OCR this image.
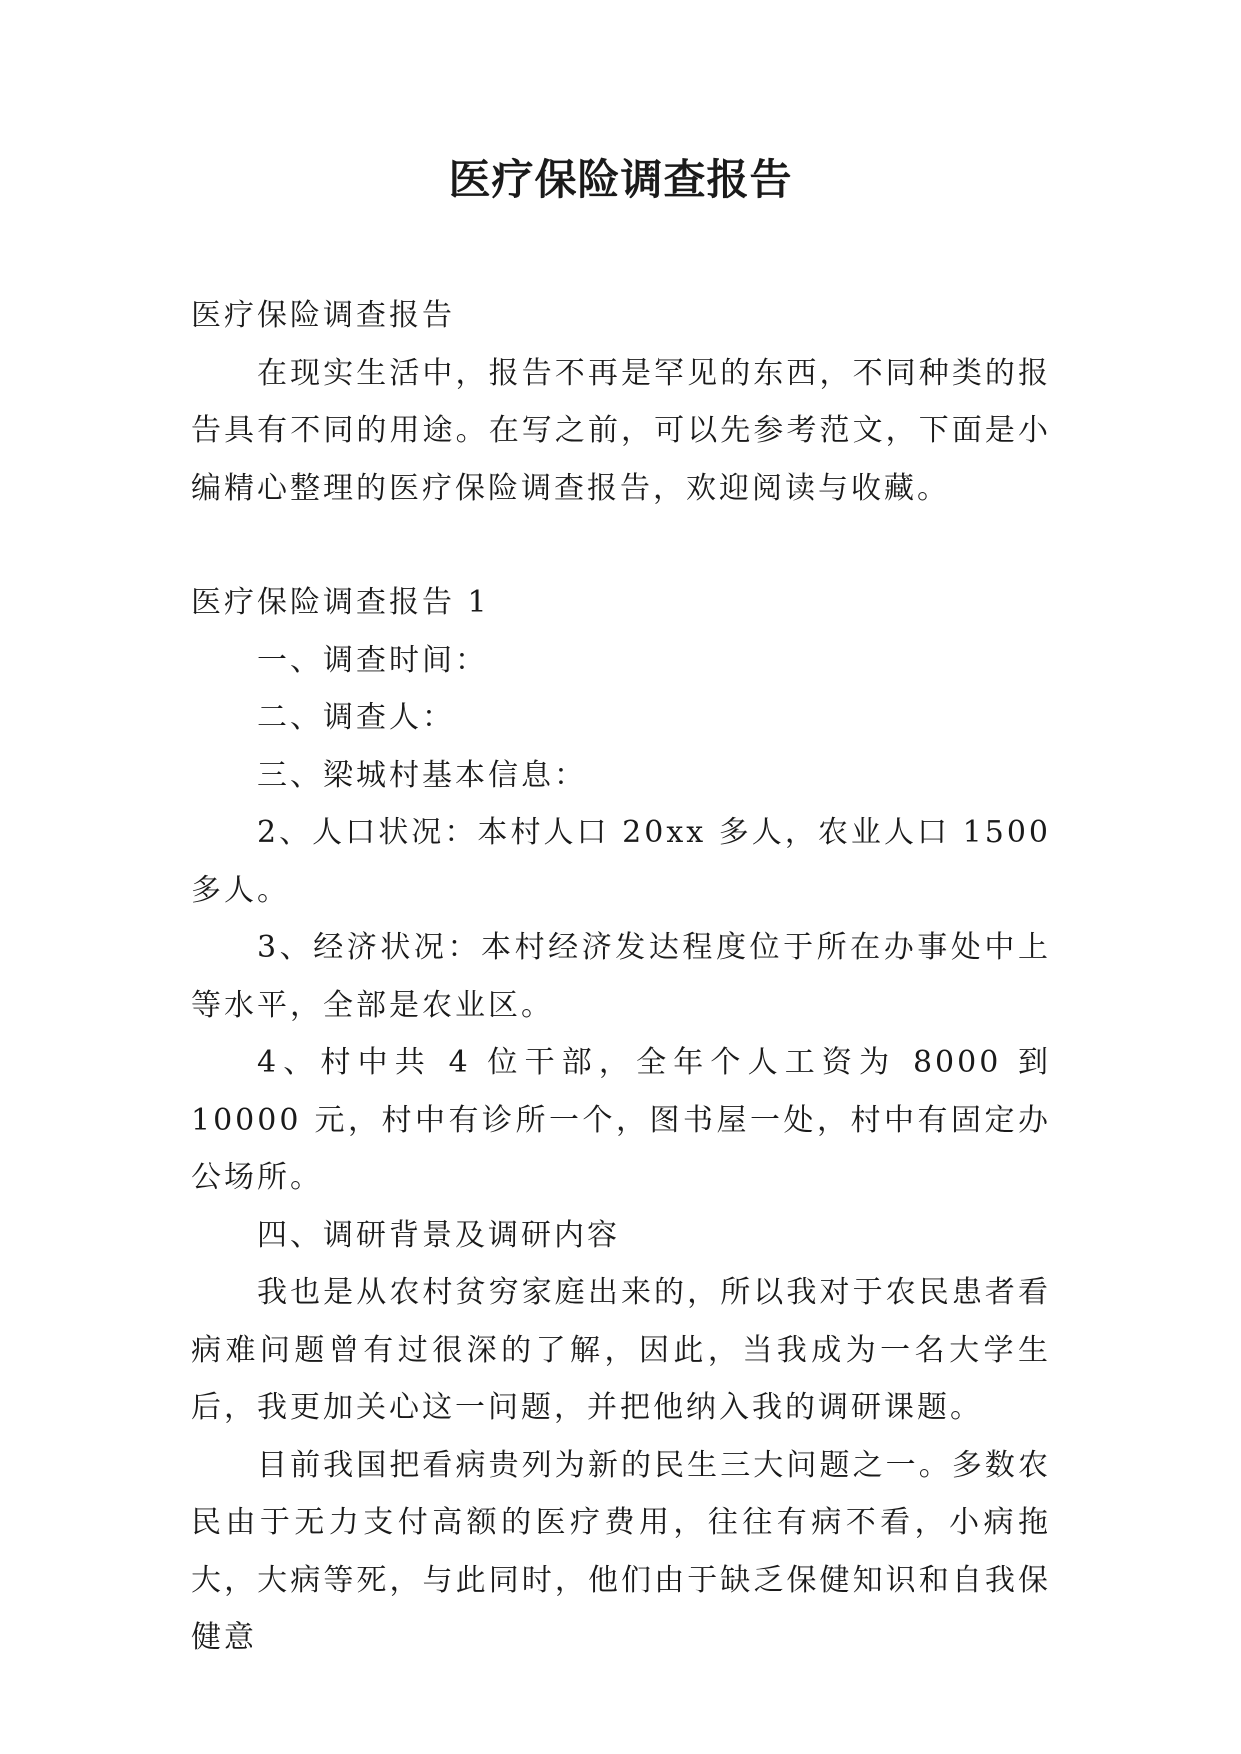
医疗保险调查报告

医疗保险调查报告

在现实生活中，报告不再是罕见的东西，不同种类的报告具有不同的用途。在写之前，可以先参考范文，下面是小编精心整理的医疗保险调查报告，欢迎阅读与收藏。

医疗保险调查报告 1

一、调查时间：

二、调查人：

三、梁城村基本信息：

2、人口状况：本村人口 20xx 多人，农业人口 1500 多人。

3、经济状况：本村经济发达程度位于所在办事处中上等水平，全部是农业区。

4、村中共 4 位干部，全年个人工资为 8000 到 10000 元，村中有诊所一个，图书屋一处，村中有固定办公场所。

四、调研背景及调研内容

我也是从农村贫穷家庭出来的，所以我对于农民患者看病难问题曾有过很深的了解，因此，当我成为一名大学生后，我更加关心这一问题，并把他纳入我的调研课题。

目前我国把看病贵列为新的民生三大问题之一。多数农民由于无力支付高额的医疗费用，往往有病不看，小病拖大，大病等死，与此同时，他们由于缺乏保健知识和自我保健意
